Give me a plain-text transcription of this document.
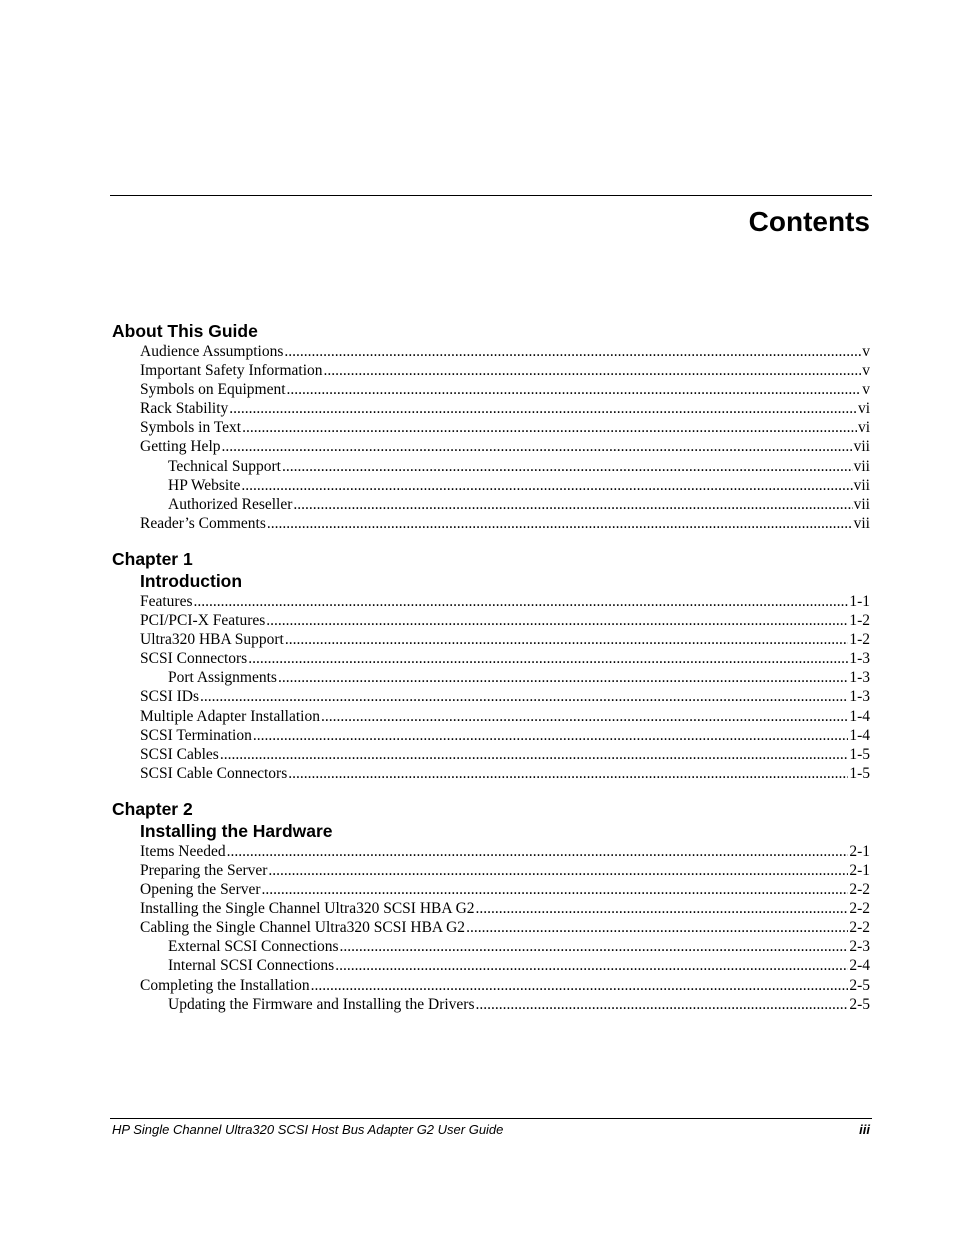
Contents
About This Guide
Audience Assumptions .....	v
Important Safety Information .....	v
Symbols on Equipment .....	v
Rack Stability .....	vi
Symbols in Text .....	vi
Getting Help .....	vii
Technical Support .....	vii
HP Website .....	vii
Authorized Reseller .....	vii
Reader’s Comments .....	vii
Chapter 1
Introduction
Features .....	1-1
PCI/PCI-X Features .....	1-2
Ultra320 HBA Support .....	1-2
SCSI Connectors .....	1-3
Port Assignments .....	1-3
SCSI IDs .....	1-3
Multiple Adapter Installation .....	1-4
SCSI Termination .....	1-4
SCSI Cables .....	1-5
SCSI Cable Connectors .....	1-5
Chapter 2
Installing the Hardware
Items Needed .....	2-1
Preparing the Server .....	2-1
Opening the Server .....	2-2
Installing the Single Channel Ultra320 SCSI HBA G2 .....	2-2
Cabling the Single Channel Ultra320 SCSI HBA G2 .....	2-2
External SCSI Connections .....	2-3
Internal SCSI Connections .....	2-4
Completing the Installation .....	2-5
Updating the Firmware and Installing the Drivers .....	2-5
HP Single Channel Ultra320 SCSI Host Bus Adapter G2 User Guide	iii
